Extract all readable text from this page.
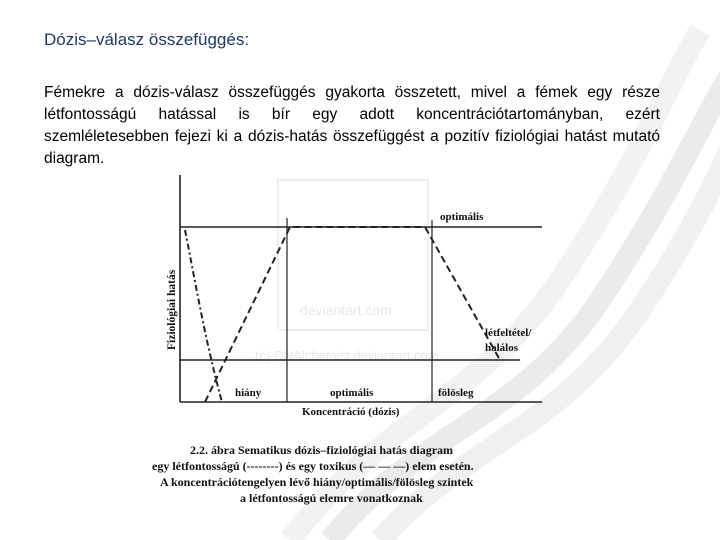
Dózis–válasz összefüggés:
Fémekre a dózis-válasz összefüggés gyakorta összetett, mivel a fémek egy része létfontosságú hatással is bír egy adott koncentrációtartományban, ezért szemléletesebben fejezi ki a dózis-hatás összefüggést a pozitív fiziológiai hatást mutató diagram.
deviantart.com
(c)-DNAlchemist.deviantart.com
Fiziológiai hatás
optimális
létfeltétel/
halálos
hiány	optimális	fölösleg
Koncentráció (dózis)
2.2. ábra Sematikus dózis–fiziológiai hatás diagram
egy létfontosságú (--------) és egy toxikus (— — —) elem esetén.
A koncentrációtengelyen lévő hiány/optimális/fölösleg szintek
a létfontosságú elemre vonatkoznak
